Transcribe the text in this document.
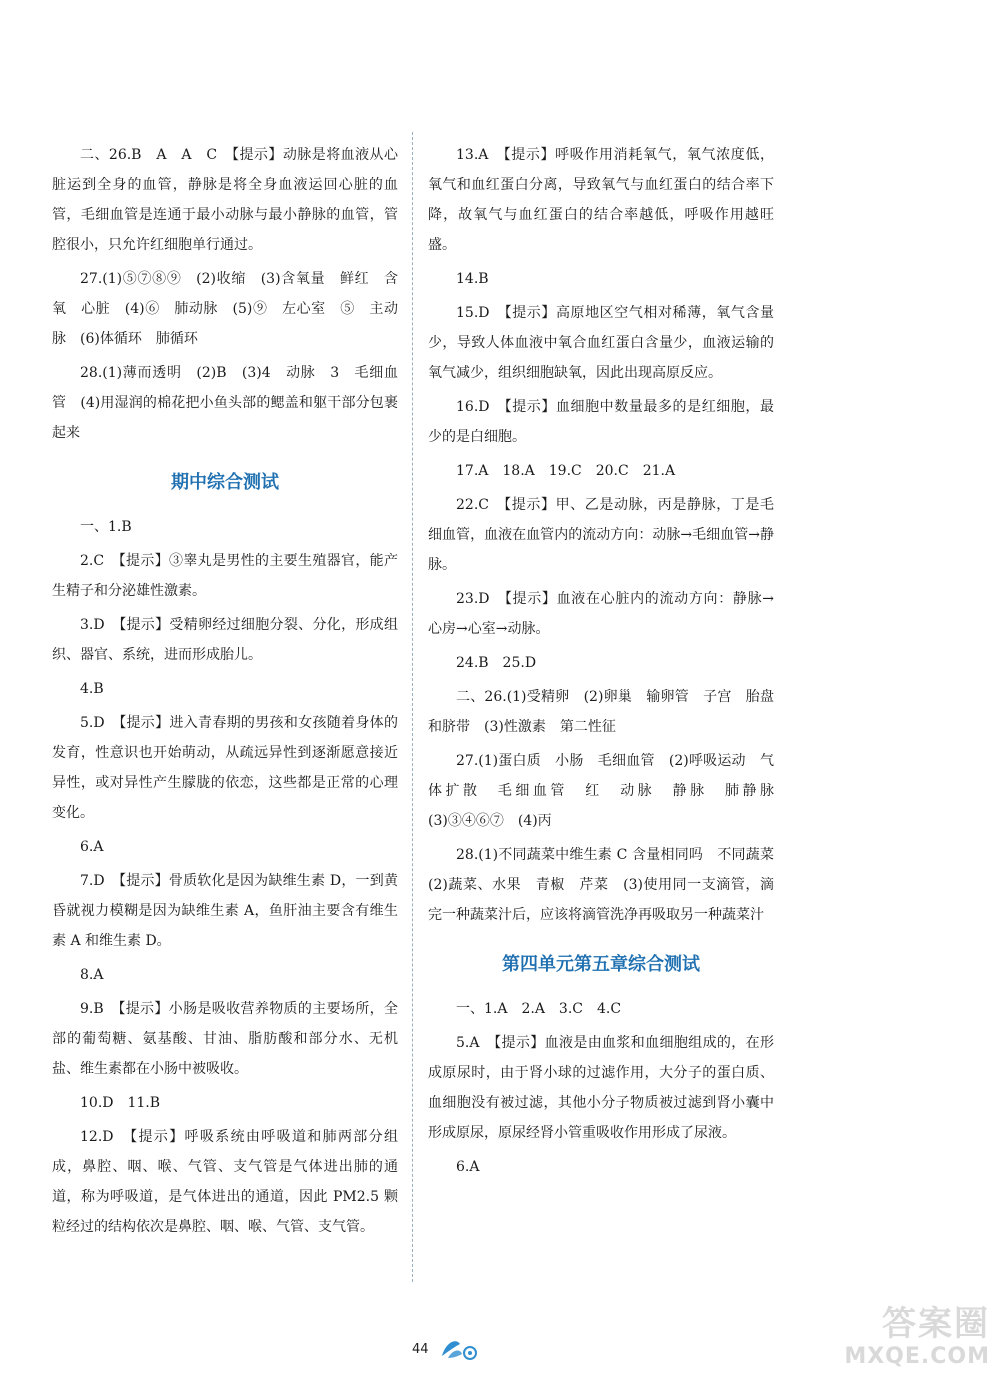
二、26.B　A　A　C　【提示】动脉是将血液从心脏运到全身的血管，静脉是将全身血液运回心脏的血管，毛细血管是连通于最小动脉与最小静脉的血管，管腔很小，只允许红细胞单行通过。

27.(1)⑤⑦⑧⑨　(2)收缩　(3)含氧量　鲜红　含氧　心脏　(4)⑥　肺动脉　(5)⑨　左心室　⑤　主动脉　(6)体循环　肺循环

28.(1)薄而透明　(2)B　(3)4　动脉　3　毛细血管　(4)用湿润的棉花把小鱼头部的鳃盖和躯干部分包裹起来

期中综合测试

一、1.B

2.C　【提示】③睾丸是男性的主要生殖器官，能产生精子和分泌雄性激素。

3.D　【提示】受精卵经过细胞分裂、分化，形成组织、器官、系统，进而形成胎儿。

4.B

5.D　【提示】进入青春期的男孩和女孩随着身体的发育，性意识也开始萌动，从疏远异性到逐渐愿意接近异性，或对异性产生朦胧的依恋，这些都是正常的心理变化。

6.A

7.D　【提示】骨质软化是因为缺维生素 D，一到黄昏就视力模糊是因为缺维生素 A，鱼肝油主要含有维生素 A 和维生素 D。

8.A

9.B　【提示】小肠是吸收营养物质的主要场所，全部的葡萄糖、氨基酸、甘油、脂肪酸和部分水、无机盐、维生素都在小肠中被吸收。

10.D　11.B

12.D　【提示】呼吸系统由呼吸道和肺两部分组成，鼻腔、咽、喉、气管、支气管是气体进出肺的通道，称为呼吸道，是气体进出的通道，因此 PM2.5 颗粒经过的结构依次是鼻腔、咽、喉、气管、支气管。

13.A　【提示】呼吸作用消耗氧气，氧气浓度低，氧气和血红蛋白分离，导致氧气与血红蛋白的结合率下降，故氧气与血红蛋白的结合率越低，呼吸作用越旺盛。

14.B

15.D　【提示】高原地区空气相对稀薄，氧气含量少，导致人体血液中氧合血红蛋白含量少，血液运输的氧气减少，组织细胞缺氧，因此出现高原反应。

16.D　【提示】血细胞中数量最多的是红细胞，最少的是白细胞。

17.A　18.A　19.C　20.C　21.A

22.C　【提示】甲、乙是动脉，丙是静脉，丁是毛细血管，血液在血管内的流动方向：动脉→毛细血管→静脉。

23.D　【提示】血液在心脏内的流动方向：静脉→心房→心室→动脉。

24.B　25.D

二、26.(1)受精卵　(2)卵巢　输卵管　子宫　胎盘和脐带　(3)性激素　第二性征

27.(1)蛋白质　小肠　毛细血管　(2)呼吸运动　气体扩散　毛细血管　红　动脉　静脉　肺静脉　(3)③④⑥⑦　(4)丙

28.(1)不同蔬菜中维生素 C 含量相同吗　不同蔬菜　(2)蔬菜、水果　青椒　芹菜　(3)使用同一支滴管，滴完一种蔬菜汁后，应该将滴管洗净再吸取另一种蔬菜汁

第四单元第五章综合测试

一、1.A　2.A　3.C　4.C

5.A　【提示】血液是由血浆和血细胞组成的，在形成原尿时，由于肾小球的过滤作用，大分子的蛋白质、血细胞没有被过滤，其他小分子物质被过滤到肾小囊中形成原尿，原尿经肾小管重吸收作用形成了尿液。

6.A

44
答案圈
MXQE.COM
